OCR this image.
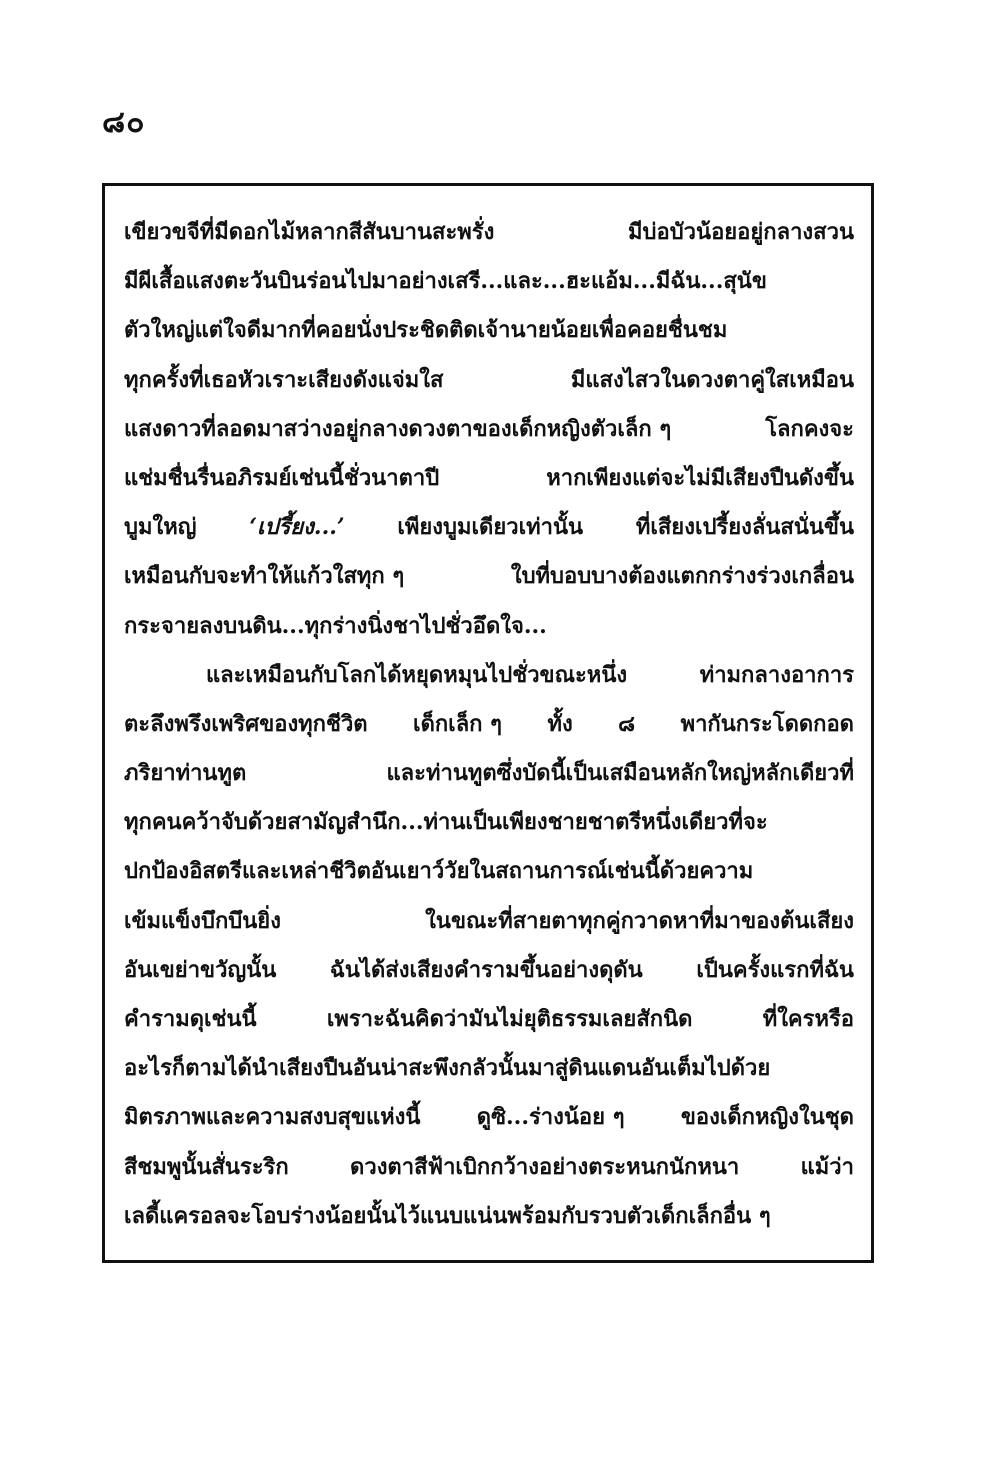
๘๐
เขียวขจีที่มีดอกไม้หลากสีสันบานสะพรั่ง	มีบ่อบัวน้อยอยู่กลางสวน
มีผีเสื้อแสงตะวันบินร่อนไปมาอย่างเสรี...และ...ฮะแอ้ม...มีฉัน...สุนัข
ตัวใหญ่แต่ใจดีมากที่คอยนั่งประชิดติดเจ้านายน้อยเพื่อคอยชื่นชม
ทุกครั้งที่เธอหัวเราะเสียงดังแจ่มใส	มีแสงไสวในดวงตาคู่ใสเหมือน
แสงดาวที่ลอดมาสว่างอยู่กลางดวงตาของเด็กหญิงตัวเล็ก ๆ	โลกคงจะ
แช่มชื่นรื่นอภิรมย์เช่นนี้ชั่วนาตาปี	หากเพียงแต่จะไม่มีเสียงปืนดังขึ้น
บูมใหญ่ ‘เปรี้ยง...’ เพียงบูมเดียวเท่านั้น ที่เสียงเปรี้ยงลั่นสนั่นขึ้น
เหมือนกับจะทำให้แก้วใสทุก ๆ	ใบที่บอบบางต้องแตกกร่างร่วงเกลื่อน
กระจายลงบนดิน...ทุกร่างนิ่งชาไปชั่วอึดใจ...
และเหมือนกับโลกได้หยุดหมุนไปชั่วขณะหนึ่ง	ท่ามกลางอาการ
ตะลึงพรึงเพริศของทุกชีวิต เด็กเล็ก ๆ ทั้ง ๘ พากันกระโดดกอด
ภริยาท่านทูต	และท่านทูตซึ่งบัดนี้เป็นเสมือนหลักใหญ่หลักเดียวที่
ทุกคนคว้าจับด้วยสามัญสำนึก...ท่านเป็นเพียงชายชาตรีหนึ่งเดียวที่จะ
ปกป้องอิสตรีและเหล่าชีวิตอันเยาว์วัยในสถานการณ์เช่นนี้ด้วยความ
เข้มแข็งบึกบึนยิ่ง	ในขณะที่สายตาทุกคู่กวาดหาที่มาของต้นเสียง
อันเขย่าขวัญนั้น ฉันได้ส่งเสียงคำรามขึ้นอย่างดุดัน เป็นครั้งแรกที่ฉัน
คำรามดุเช่นนี้	เพราะฉันคิดว่ามันไม่ยุติธรรมเลยสักนิด	ที่ใครหรือ
อะไรก็ตามได้นำเสียงปืนอันน่าสะพึงกลัวนั้นมาสู่ดินแดนอันเต็มไปด้วย
มิตรภาพและความสงบสุขแห่งนี้	ดูซิ...ร่างน้อย ๆ	ของเด็กหญิงในชุด
สีชมพูนั้นสั่นระริก	ดวงตาสีฟ้าเบิกกว้างอย่างตระหนกนักหนา	แม้ว่า
เลดี้แครอลจะโอบร่างน้อยนั้นไว้แนบแน่นพร้อมกับรวบตัวเด็กเล็กอื่น ๆ
